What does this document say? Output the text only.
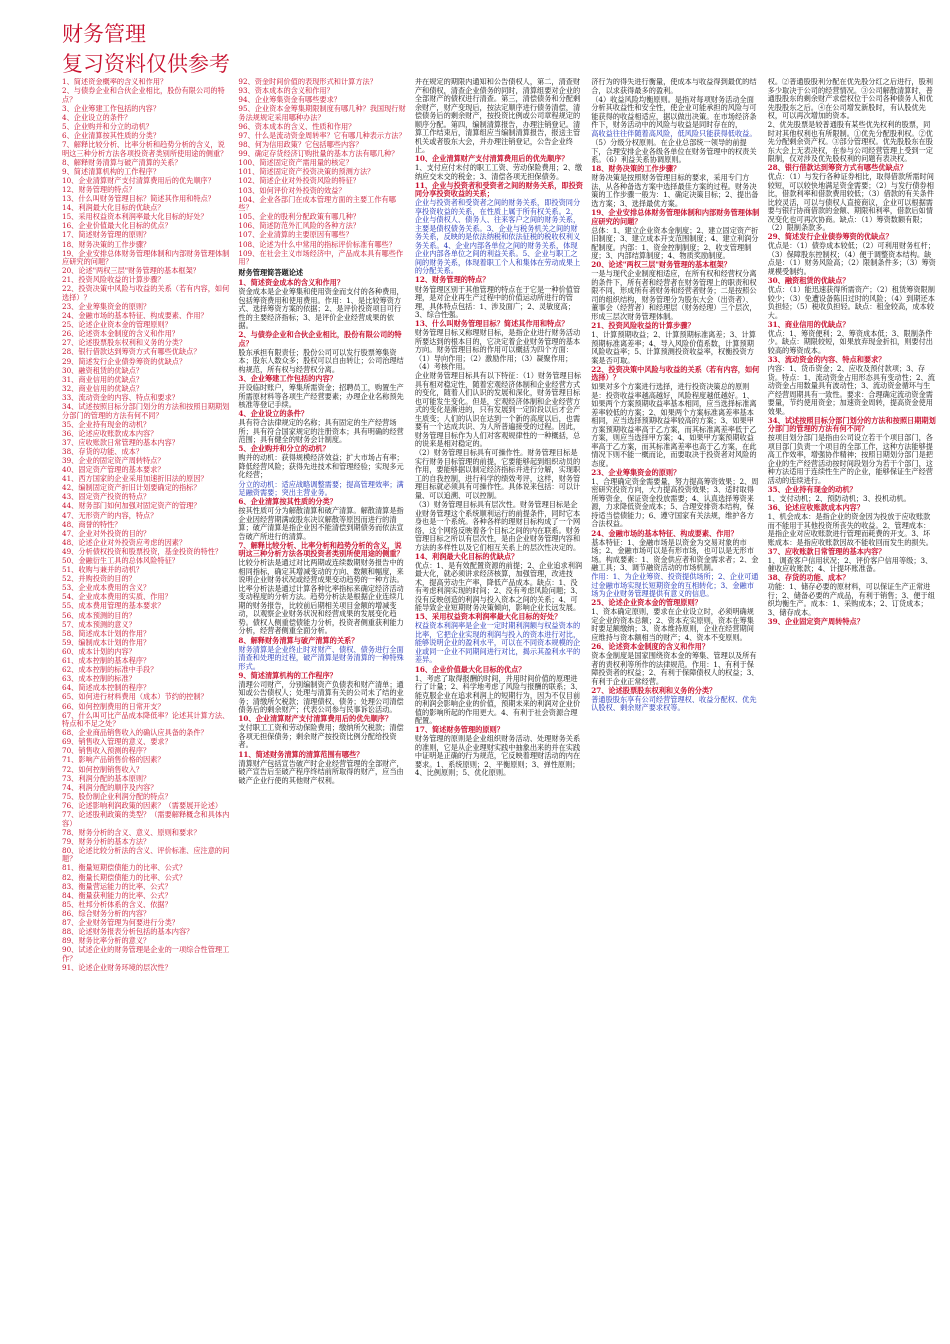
财务管理
复习资料仅供参考
1、简述资金概率的含义和作用？
2、与债券企业和合伙企业相比，股份有限公司的特点？
3、企业筹建工作包括的内容？
4、企业设立的条件？
5、企业购并和分立的动机？
6、企业清算按其性质的分类？
7、解释比较分析、比率分析和趋势分析的含义，说明这三种分析方法各项投资者类别所使用途的侧重？
8、解释财务清算与破产清算的关系？
9、简述清算机构的工作程序？
10、企业清算财产支付清算费用后的优先顺序？
12、财务管理的特点？
13、什么叫财务管理目标？简述其作用和特点？
14、利润最大化目标的优缺点？
15、采用权益资本利润率最大化目标的好处？
16、企业价值最大化目标的优点？
17、简述财务管理的原则？
18、财务决策的工作步骤？
19、企业安排总体财务管理体制和内部财务管理体制应研究的问题？
20、论述"两权三层"财务管理的基本框架？
21、投资风险收益的计算步骤？
22、投资决策中风险与收益的关系（若有内容，如何选择）？
23、企业筹集资金的原则？
24、金融市场的基本特征、构成要素、作用？
25、论述企业资本金的管理原则？
26、论述资本金制度的含义和作用？
27、论述股票股东权利和义务的分类？
28、银行借款达到筹资方式有哪些优缺点？
29、简述发行企业债券筹资的优缺点？
30、融资租赁的优缺点？
31、商业信用的优缺点？
32、商业信用的优缺点？
33、流动资金的内容、特点和要求？
34、试述按照目标分部门划分的方法和按照日期期划分部门的管理的方法有何不同？
35、企业持有现金的动机？
36、论述应收账款成本内容？
37、应收账款日常管理的基本内容？
38、存货的功能、成本？
39、企业的固定资产周转特点？
40、固定资产管理的基本要求？
41、西方国家的企业采用加速折旧法的原因？
42、编制固定资产折旧计划要确定的指标？
43、固定资产投资的特点？
44、财务部门如何加强对固定资产的管理？
47、无形资产的内容，特点？
48、商誉的特性？
47、企业对外投资的目的？
48、论述企业对外投资应考虑的因素？
49、分析债权投资和股票投资，基金投资的特性？
50、金融衍生工具的总体风险特征？
51、收购与兼并的动机？
52、并购投资的目的？
53、企业成本费用的含义？
54、企业成本费用的实质、作用？
55、成本费用管理的基本要求？
56、成本预测的目的？
57、成本预测的意义？
58、简述成本计划的作用？
59、编制成本计划的作用？
60、成本计划的内容？
61、成本控制的基本程序？
62、成本控制的标准中手段？
63、成本控制的标准？
64、简述成本控制的程序？
65、如何进行材料费用（成本）节约的控制？
66、如何控制费用的日常开支？
67、什么叫可比产品成本降低率？论述其计算方法、特点和不足之处？
68、企业商品销售收入的确认应具备的条件？
69、销售收入管理的意义、要求？
70、销售收入预测的程序？
71、影响产品销售价格的因素？
72、如何控制销售收入？
73、利润分配的基本原则？
74、利润分配的顺序及内容？
75、股份制企业利润分配的特点？
76、论述影响利润政策的因素？（需要展开论述）
77、论述股利政策的类型？（需要解释概念和具体内容）
78、财务分析的含义、意义、原则和要求？
79、财务分析的基本方法？
80、论述比较分析法的含义、评价标准、应注意的问题？
81、衡量短期偿债能力的比率、公式？
82、衡量长期偿债能力的比率、公式？
83、衡量营运能力的比率、公式？
84、衡量获利能力的比率、公式？
85、杜邦分析体系的含义、依据？
86、综合财务分析的内容？
87、企业财务管理为何要进行分类？
88、论述财务报表分析包括的基本内容？
89、财务比率分析的意义？
90、试述企业的财务管理是企业的一项综合性管理工作？
91、论述企业财务环境的层次性？
92、资金时间价值的表现形式和计算方法？
93、资本成本的含义和作用？
94、企业筹集资金有哪些要求？
95、企业资本金筹集期限制度有哪几种？我国现行财务法规规定采用哪种办法？
96、资本成本的含义、性质和作用？
97、什么是流动资金周转率？它有哪几种表示方法？
98、何为信用政策？它包括哪些内容？
99、确定存货经济订购批量的基本方法有哪几种？
100、简述固定资产需用量的核定？
101、简述固定资产投资决策的预测方法？
102、简述企业对外投资风险的特征？
103、如何评价对外投资的效益？
104、企业各部门在成本管理方面的主要工作有哪些？
105、企业的股利分配政策有哪几种？
106、简述防范外汇风险的各种方法？
107、企业清算的主要原因有哪些？
108、论述为什么中常用的指标评价标准有哪些？
109、在社会主义市场经济中，产品成本具有哪些作用？
财务管理简答题论述
1、简述资金成本的含义和作用？
资金成本是企业筹集和使用资金而支付的各种费用，包括筹资费用和使用费用。作用：1、是比较筹资方式、选择筹资方案的依据；2、是评价投资项目可行性的主要经济指标；3、是评价企业经营成果的依据。
2、与债券企业和合伙企业相比，股份有限公司的特点？
股东承担有限责任；股份公司可以发行股票筹集资本；股东人数众多；股权可以自由转让；公司治理结构规范，所有权与经营权分离。
3、企业筹建工作包括的内容？
开设临时账户，筹集所需资金；招聘员工，购置生产所需原材料等各项生产经营要素；办理企业名称预先核准等登记手续。
4、企业设立的条件？
具有符合法律规定的名称；具有固定的生产经营场所；具有符合国家规定的注册资本；具有明确的经营范围；具有健全的财务会计制度。
5、企业购并和分立的动机？
购并的动机：获得规模经济效益；扩大市场占有率；降低经营风险；获得先进技术和管理经验；实现多元化经营；
分立的动机：适应战略调整需要；提高管理效率；满足融资需要；突出主营业务。
6、企业清算按其性质的分类？
按其性质可分为解散清算和破产清算。解散清算是指企业因经营期满或股东决议解散等原因而进行的清算；破产清算是指企业因不能清偿到期债务而依法宣告破产所进行的清算。
7、解释比较分析、比率分析和趋势分析的含义，说明这三种分析方法各项投资者类别所使用途的侧重？
比较分析法是通过对比两期或连续数期财务报告中的相同指标，确定其增减变动的方向、数额和幅度，来说明企业财务状况或经营成果变动趋势的一种方法。比率分析法是通过计算各种比率指标来确定经济活动变动程度的分析方法。趋势分析法是根据企业连续几期的财务报告，比较前后期相关项目金额的增减变动，以观察企业财务状况和经营成果的发展变化趋势。债权人侧重偿债能力分析，投资者侧重获利能力分析，经营者侧重全面分析。
8、解释财务清算与破产清算的关系？
财务清算是企业终止时对财产、债权、债务进行全面清查和处理的过程，破产清算是财务清算的一种特殊形式。
9、简述清算机构的工作程序？
清理公司财产，分别编制资产负债表和财产清单；通知或公告债权人；处理与清算有关的公司未了结的业务；清缴所欠税款；清理债权、债务；处理公司清偿债务后的剩余财产；代表公司参与民事诉讼活动。
10、企业清算财产支付清算费用后的优先顺序？
支付职工工资和劳动保险费用；缴纳所欠税款；清偿各项无担保债务；剩余财产按投资比例分配给投资者。
11、简述财务清算的清算范围有哪些？
清算财产包括宣告破产时企业经营管理的全部财产，破产宣告后至破产程序终结前所取得的财产，应当由破产企业行使的其他财产权利。
并在规定的期限内通知和公告债权人，第二，清查财产和债权，清查企业债务的同时，清算组要对企业的全部财产的债权进行清查。第三，清偿债务和分配剩余财产，财产变现后，按法定顺序进行债务清偿，清偿债务后的剩余财产，按投资比例或公司章程规定的顺序分配。第四，编制清算报告，办理注销登记。清算工作结束后，清算组应当编制清算报告，报送主管机关或者股东大会，并办理注销登记，公告企业终止。
10、企业清算财产支付清算费用后的优先顺序？
1、支付应付未付的职工工资、劳动保险费用；2、缴纳应交未交的税金；3、清偿各项无担保债务。
11、企业与投资者和受资者之间的财务关系，即投资同分享投资收益的关系；
企业与投资者和受资者之间的财务关系，即投资同分享投资收益的关系，在性质上属于所有权关系。2、企业与债权人、债务人、往来客户之间的财务关系，主要是债权债务关系。3、企业与税务机关之间的财务关系，反映的是依法纳税和依法征税的税收权利义务关系。4、企业内部各单位之间的财务关系，体现企业内部各单位之间的利益关系。5、企业与职工之间的财务关系，体现着职工个人和集体在劳动成果上的分配关系。
12、财务管理的特点？
财务管理区别于其他管理的特点在于它是一种价值管理，是对企业再生产过程中的价值运动所进行的管理，具体特点包括：1、涉及面广；2、灵敏度高；3、综合性强。
13、什么叫财务管理目标？简述其作用和特点？
财务管理目标又称理财目标，是指企业进行财务活动所要达到的根本目的，它决定着企业财务管理的基本方向。财务管理目标的作用可以概括为四个方面：（1）导向作用；（2）激励作用；（3）凝聚作用；（4）考核作用。
企业财务管理目标具有以下特征：（1）财务管理目标具有相对稳定性，随着宏观经济体制和企业经营方式的变化，随着人们认识的发展和深化，财务管理目标也可能发生变化。但是，宏观经济体制和企业经营方式的变化是渐进的，只有发展到一定阶段以后才会产生质变；人们的认识在达到一个新的高度以后，也需要有一个达成共识、为人所普遍接受的过程。因此，财务管理目标作为人们对客观规律性的一种概括，总的说来是相对稳定的。
（2）财务管理目标具有可操作性。财务管理目标是实行财务目标管理的前提，它要能够起到组织动员的作用，要能够据以制定经济指标并进行分解，实现职工的自我控制，进行科学的绩效考评，这样，财务管理目标就必须具有可操作性。具体说来包括：可以计量、可以追溯、可以控制。
（3）财务管理目标具有层次性。财务管理目标是企业财务管理这个系统顺利运行的前提条件，同时它本身也是一个系统。各种各样的理财目标构成了一个网络，这个网络反映着各个目标之间的内在联系。财务管理目标之所以有层次性，是由企业财务管理内容和方法的多样性以及它们相互关系上的层次性决定的。
14、利润最大化目标的优缺点？
优点：1、是有效配置资源的前提；2、企业追求利润最大化，就必须讲求经济核算，加强管理，改进技术，提高劳动生产率，降低产品成本。缺点：1、没有考虑利润实现的时间；2、没有考虑风险问题；3、没有反映创造的利润与投入资本之间的关系；4、可能导致企业短期财务决策倾向，影响企业长远发展。
15、采用权益资本利润率最大化目标的好处？
权益资本利润率是企业一定时期利润额与权益资本的比率，它把企业实现的利润与投入的资本进行对比，能够说明企业的盈利水平，可以在不同资本规模的企业或同一企业不同期间进行对比，揭示其盈利水平的差异。
16、企业价值最大化目标的优点？
1、考虑了取得报酬的时间，并用时间价值的原理进行了计量；2、科学地考虑了风险与报酬的联系；3、能克服企业在追求利润上的短期行为，因为不仅目前的利润会影响企业的价值，预期未来的利润对企业价值的影响所起的作用更大。4、有利于社会资源合理配置。
17、简述财务管理的原则？
财务管理的原则是企业组织财务活动、处理财务关系的准则，它是从企业理财实践中抽象出来的并在实践中证明是正确的行为规范，它反映着理财活动的内在要求。1、系统原则；2、平衡原则；3、弹性原则；4、比例原则；5、优化原则。
济行为的得失进行衡量，使成本与收益得到最优的结合，以求获得最多的盈利。
（4）收益风险均衡原则。是指对每项财务活动全面分析其收益性和安全性，使企业可能承担的风险与可能获得的收益相适应，据以做出决策。在市场经济条件下，财务活动中的风险与收益是同时存在的，
高收益往往伴随着高风险，低风险只能获得低收益。
（5）分级分权原则。在企业总部统一领导的前提下，合理安排企业各级各单位在财务管理中的权责关系。（6）利益关系协调原则。
18、财务决策的工作步骤？
财务决策是按照财务管理目标的要求，采用专门方法，从各种备选方案中选择最佳方案的过程。财务决策的工作步骤一般为：1、确定决策目标；2、提出备选方案；3、选择最优方案。
19、企业安排总体财务管理体制和内部财务管理体制应研究的问题？
总体：1、建立企业资本金制度；2、建立固定资产折旧制度；3、建立成本开支范围制度；4、建立利润分配制度。内部：1、资金控制制度；2、收支管理制度；3、内部结算制度；4、物质奖励制度。
20、论述"两权三层"财务管理的基本框架？
一是与现代企业制度相适应，在所有权和经营权分离的条件下，所有者和经营者在财务管理上的职责和权限不同，形成所有者财务和经营者财务；二是按照公司的组织结构，财务管理分为股东大会（出资者）、董事会（经营者）和经理层（财务经理）三个层次，形成三层次财务管理体制。
21、投资风险收益的计算步骤？
1、计算预期收益；2、计算预期标准离差；3、计算预期标准离差率；4、导入风险价值系数，计算预期风险收益率；5、计算预测投资收益率，权衡投资方案是否可取。
22、投资决策中风险与收益的关系（若有内容，如何选择）？
如果对多个方案进行选择，进行投资决策总的原则是：投资收益率越高越好，风险程度越低越好。1、如果两个方案预期收益率基本相同，应当选择标准离差率较低的方案；2、如果两个方案标准离差率基本相同，应当选择预期收益率较高的方案；3、如果甲方案预期收益率高于乙方案，而其标准离差率低于乙方案，则应当选择甲方案；4、如果甲方案预期收益率高于乙方案，而其标准离差率也高于乙方案，在此情况下则不能一概而论，而要取决于投资者对风险的态度。
23、企业筹集资金的原则？
1、合理确定资金需要量，努力提高筹资效果；2、周密研究投资方向，大力提高投资效果；3、适时取得所筹资金，保证资金投放需要；4、认真选择筹资来源，力求降低资金成本；5、合理安排资本结构，保持适当偿债能力；6、遵守国家有关法规，维护各方合法权益。
24、金融市场的基本特征、构成要素、作用？
基本特征：1、金融市场是以资金为交易对象的市场；2、金融市场可以是有形市场，也可以是无形市场。构成要素：1、资金供应者和资金需求者；2、金融工具；3、调节融资活动的市场机制。
作用：1、为企业筹资、投资提供场所；2、企业可通过金融市场实现长短期资金的互相转化；3、金融市场为企业财务管理提供有意义的信息。
25、论述企业资本金的管理原则？
1、资本确定原则，要求在企业设立时，必须明确规定企业的资本总额；2、资本充实原则，资本在筹集时要足额缴纳；3、资本维持原则，企业在经营期间应维持与资本额相当的财产；4、资本不变原则。
26、论述资本金制度的含义和作用？
资本金制度是国家围绕资本金的筹集、管理以及所有者的责权利等所作的法律规范。作用：1、有利于保障投资者的权益；2、有利于保障债权人的权益；3、有利于企业正常经营。
27、论述股票股东权利和义务的分类？
普通股股东享有公司经营管理权、收益分配权、优先认股权、剩余财产要求权等。
权。②普通股股利分配在优先股分红之后进行，股利多少取决于公司的经营情况。③公司解散清算时，普通股股东的剩余财产求偿权位于公司各种债务人和优先股股东之后。④在公司增发新股时，有认股优先权，可以再次增加的资本。
2、优先股票是较普通股有某些优先权利的股票，同时对其他权利也有所限制。①优先分配股利权。②优先分配剩余资产权。③部分管理权。优先股股东在股东大会上无表决权，在参与公司经营管理上受到一定限制，仅对涉及优先股权利的问题有表决权。
28、银行借款达到筹资方式有哪些优缺点？
优点：（1）与发行各种证券相比，取得借款所需时间较短，可以较快地满足资金需要；（2）与发行债券相比，借款利率和借款费用较低；（3）借款的有关条件比较灵活，可以与债权人直接商议，企业可以根据需要与银行协商借款的金额、期限和利率，借款后如情况变化也可再次协商。缺点：（1）筹资数额有限；（2）限制条款多。
29、简述发行企业债券筹资的优缺点？
优点是：（1）债券成本较低；（2）可利用财务杠杆；（3）保障股东控制权；（4）便于调整资本结构。缺点是：（1）财务风险高；（2）限制条件多；（3）筹资规模受制约。
30、融资租赁的优缺点？
优点：（1）能迅速获得所需资产；（2）租赁筹资限制较少；（3）免遭设备陈旧过时的风险；（4）到期还本负担轻；（5）税收负担轻。缺点：租金较高，成本较大。
31、商业信用的优缺点？
优点：1、筹资便利；2、筹资成本低；3、限制条件少。缺点：期限较短，如果放弃现金折扣，则要付出较高的筹资成本。
33、流动资金的内容、特点和要求？
内容：1、货币资金；2、应收及预付款项；3、存货。特点：1、流动资金占用形态具有变动性；2、流动资金占用数量具有波动性；3、流动资金循环与生产经营周期具有一致性。要求：合理确定流动资金需要量，节约使用资金；加速资金周转，提高资金使用效果。
34、试述按照目标分部门划分的方法和按照日期期划分部门的管理的方法有何不同？
按项目划分部门是指由公司设立若干个项目部门，各项目部门负责一个项目的全部工作，这种方法能够提高工作效率，增强协作精神；按照日期划分部门是把企业的生产经营活动按时间段划分为若干个部门，这种方法适用于连续性生产的企业，能够保证生产经营活动的连续进行。
35、企业持有现金的动机？
1、支付动机；2、预防动机；3、投机动机。
36、论述应收账款成本内容？
1、机会成本：是指企业的资金因为投放于应收账款而不能用于其他投资所丧失的收益。2、管理成本：是指企业对应收账款进行管理而耗费的开支。3、坏账成本：是指应收账款因故不能收回而发生的损失。
37、应收账款日常管理的基本内容？
1、调查客户信用状况；2、评价客户信用等级；3、催收应收账款；4、计提坏账准备。
38、存货的功能、成本？
功能：1、储存必要的原材料，可以保证生产正常进行；2、储备必要的产成品，有利于销售；3、便于组织均衡生产。成本：1、采购成本；2、订货成本；3、储存成本。
39、企业固定资产周转特点？
